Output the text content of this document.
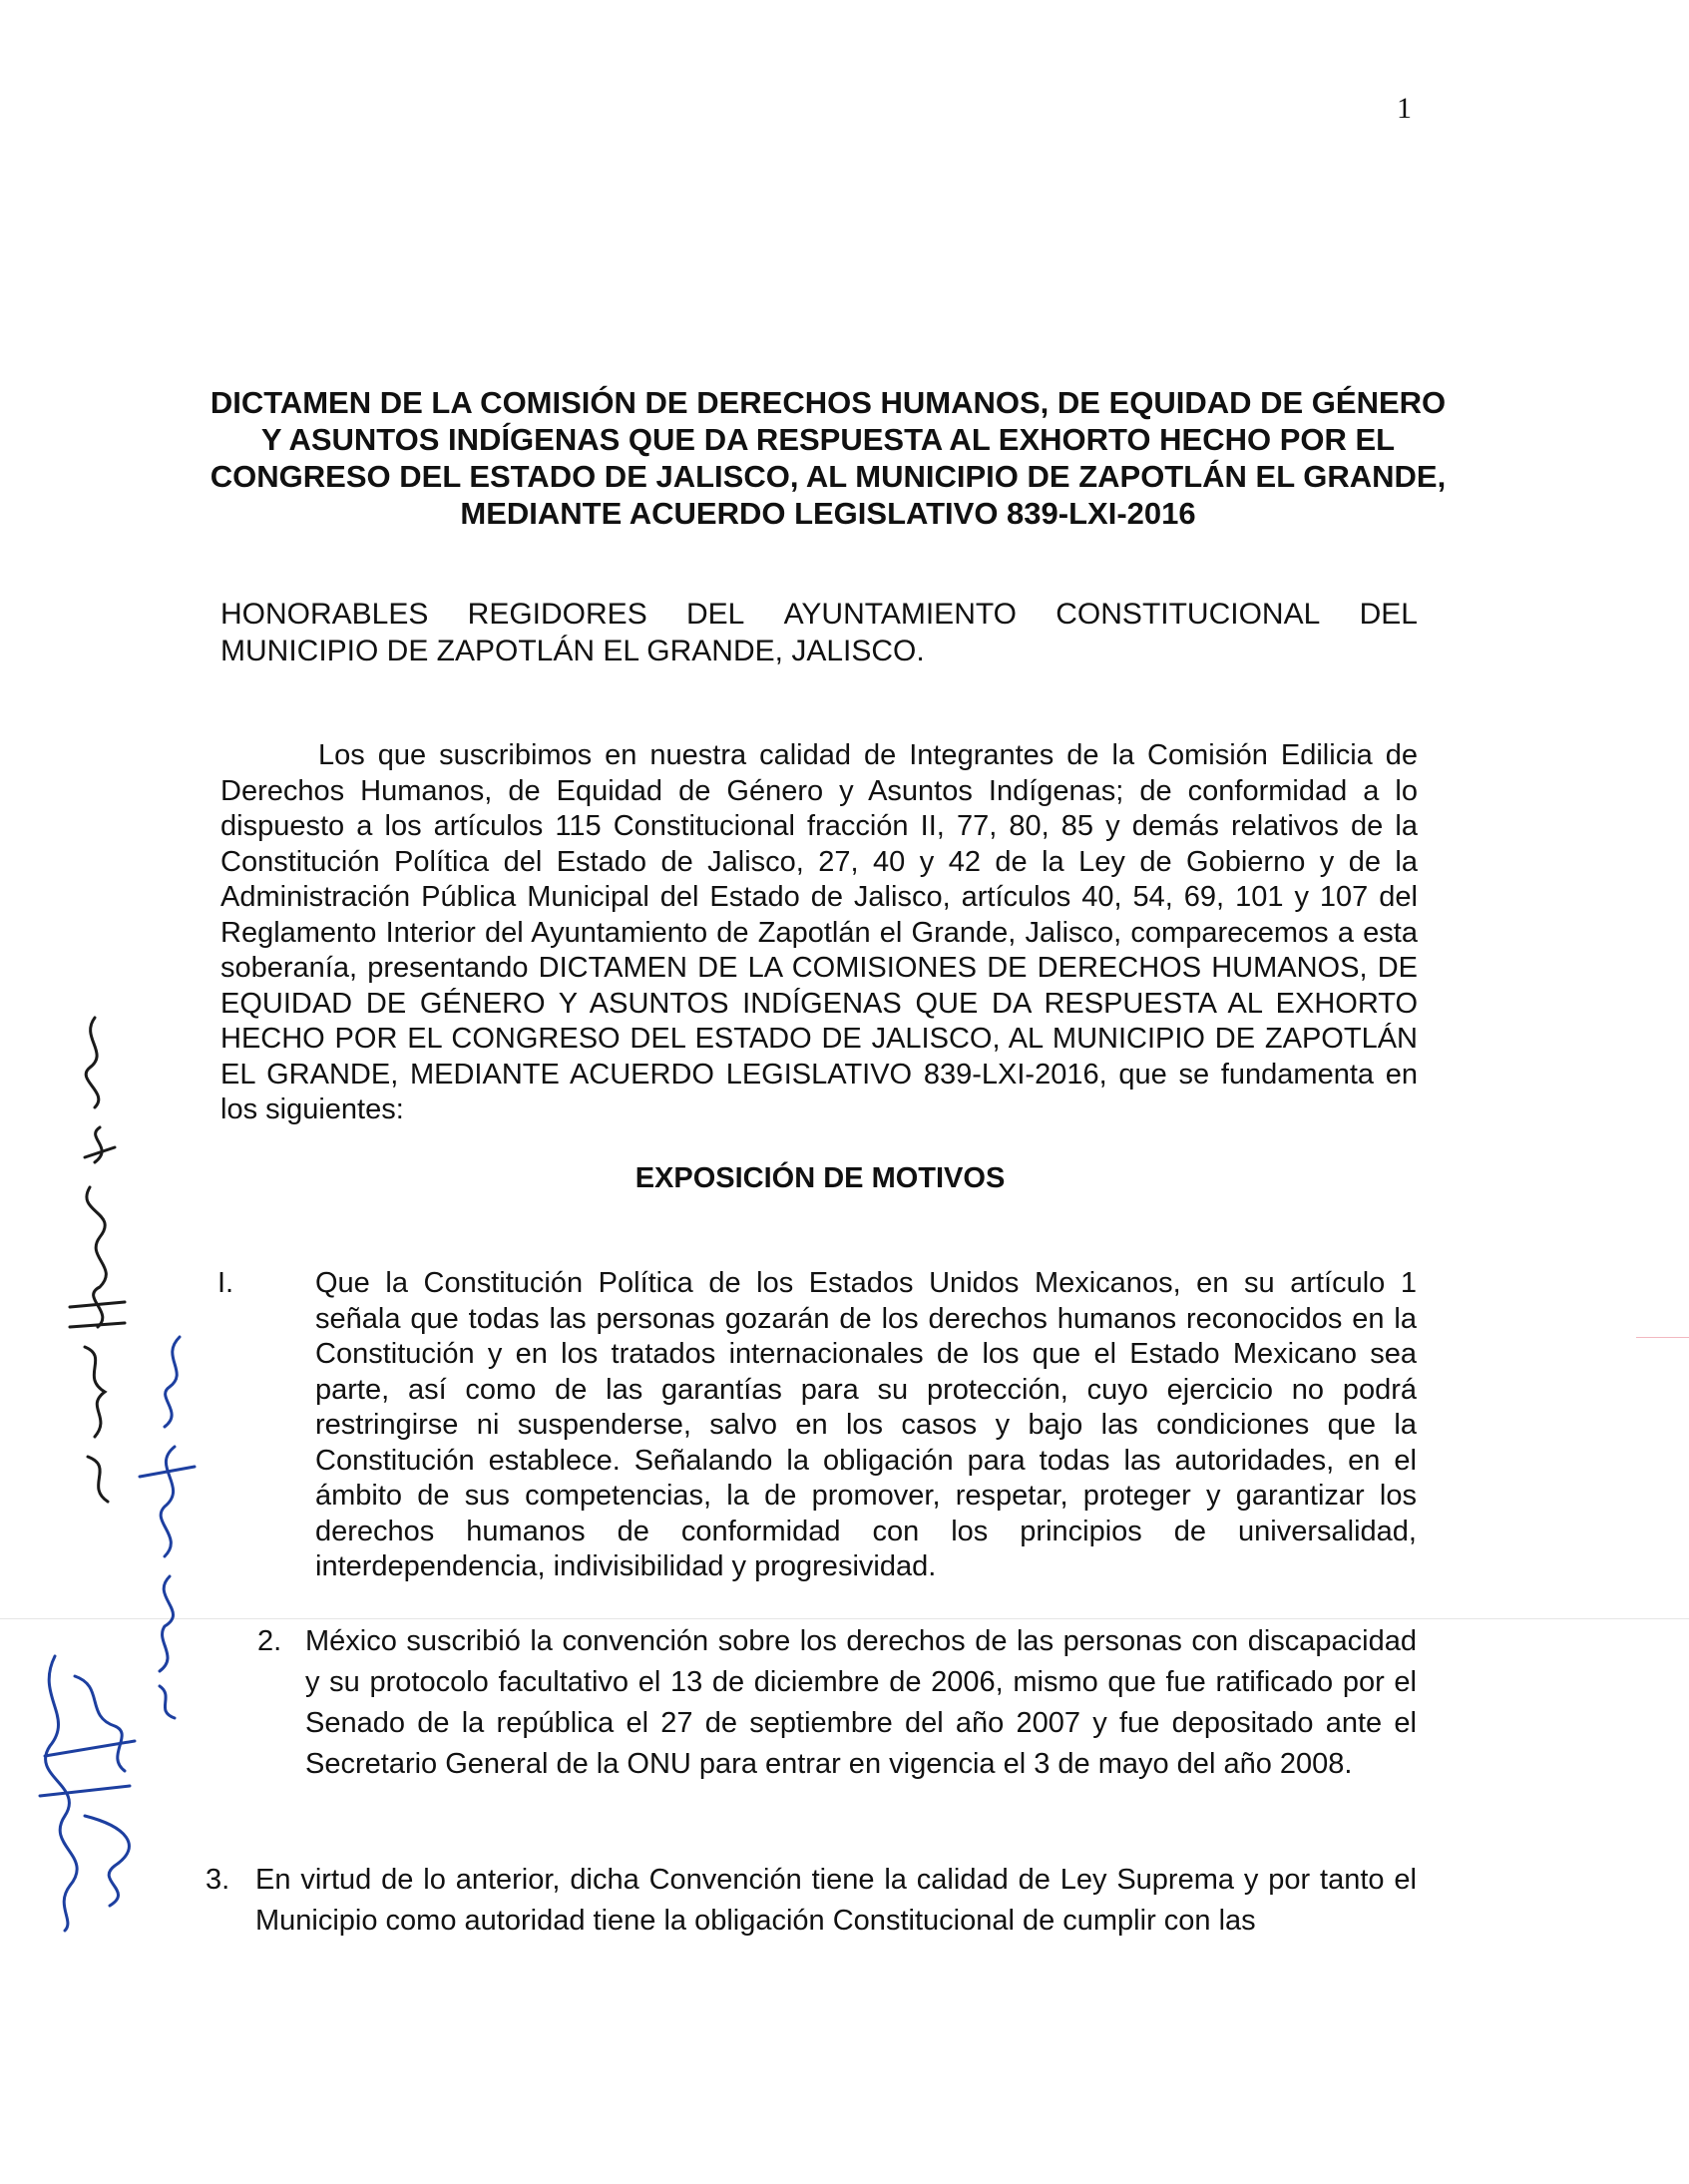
1
DICTAMEN DE LA COMISIÓN DE DERECHOS HUMANOS, DE EQUIDAD DE GÉNERO
Y ASUNTOS INDÍGENAS QUE DA RESPUESTA AL EXHORTO HECHO POR EL
CONGRESO DEL ESTADO DE JALISCO, AL MUNICIPIO DE ZAPOTLÁN EL GRANDE,
MEDIANTE ACUERDO LEGISLATIVO 839-LXI-2016
HONORABLES REGIDORES DEL AYUNTAMIENTO CONSTITUCIONAL DEL
MUNICIPIO DE ZAPOTLÁN EL GRANDE, JALISCO.

Los que suscribimos en nuestra calidad de Integrantes de la Comisión Edilicia de Derechos Humanos, de Equidad de Género y Asuntos Indígenas; de conformidad a lo dispuesto a los artículos 115 Constitucional fracción II, 77, 80, 85 y demás relativos de la Constitución Política del Estado de Jalisco, 27, 40 y 42 de la Ley de Gobierno y de la Administración Pública Municipal del Estado de Jalisco, artículos 40, 54, 69, 101 y 107 del Reglamento Interior del Ayuntamiento de Zapotlán el Grande, Jalisco, comparecemos a esta soberanía, presentando DICTAMEN DE LA COMISIONES DE DERECHOS HUMANOS, DE EQUIDAD DE GÉNERO Y ASUNTOS INDÍGENAS QUE DA RESPUESTA AL EXHORTO HECHO POR EL CONGRESO DEL ESTADO DE JALISCO, AL MUNICIPIO DE ZAPOTLÁN EL GRANDE, MEDIANTE ACUERDO LEGISLATIVO 839-LXI-2016, que se fundamenta en los siguientes:

EXPOSICIÓN DE MOTIVOS
I.	Que la Constitución Política de los Estados Unidos Mexicanos, en su artículo 1 señala que todas las personas gozarán de los derechos humanos reconocidos en la Constitución y en los tratados internacionales de los que el Estado Mexicano sea parte, así como de las garantías para su protección, cuyo ejercicio no podrá restringirse ni suspenderse, salvo en los casos y bajo las condiciones que la Constitución establece. Señalando la obligación para todas las autoridades, en el ámbito de sus competencias, la de promover, respetar, proteger y garantizar los derechos humanos de conformidad con los principios de universalidad, interdependencia, indivisibilidad y progresividad.

2. México suscribió la convención sobre los derechos de las personas con discapacidad y su protocolo facultativo el 13 de diciembre de 2006, mismo que fue ratificado por el Senado de la república el 27 de septiembre del año 2007 y fue depositado ante el Secretario General de la ONU para entrar en vigencia el 3 de mayo del año 2008.

3. En virtud de lo anterior, dicha Convención tiene la calidad de Ley Suprema y por tanto el Municipio como autoridad tiene la obligación Constitucional de cumplir con las
